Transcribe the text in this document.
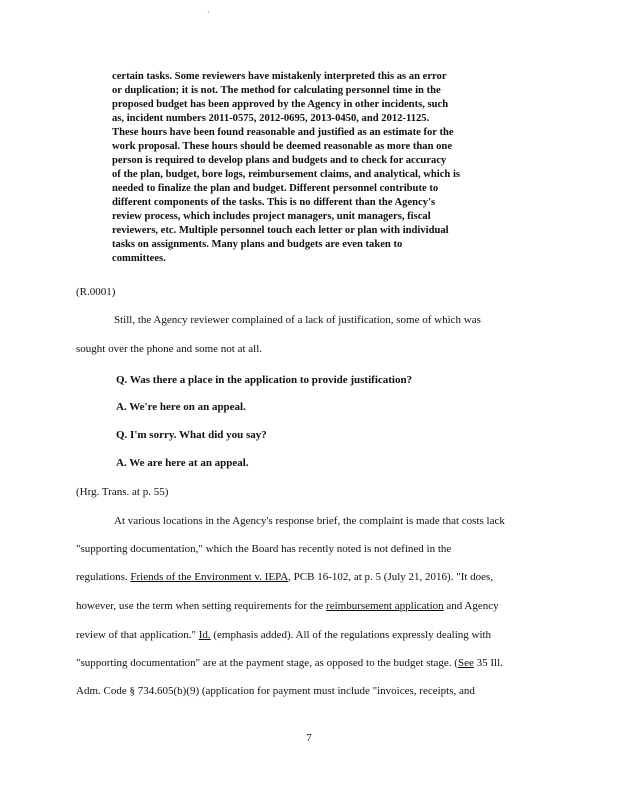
·
certain tasks. Some reviewers have mistakenly interpreted this as an error
or duplication; it is not. The method for calculating personnel time in the
proposed budget has been approved by the Agency in other incidents, such
as, incident numbers 2011-0575, 2012-0695, 2013-0450, and 2012-1125.
These hours have been found reasonable and justified as an estimate for the
work proposal. These hours should be deemed reasonable as more than one
person is required to develop plans and budgets and to check for accuracy
of the plan, budget, bore logs, reimbursement claims, and analytical, which is
needed to finalize the plan and budget. Different personnel contribute to
different components of the tasks. This is no different than the Agency's
review process, which includes project managers, unit managers, fiscal
reviewers, etc. Multiple personnel touch each letter or plan with individual
tasks on assignments. Many plans and budgets are even taken to
committees.
(R.0001)
Still, the Agency reviewer complained of a lack of justification, some of which was
sought over the phone and some not at all.
Q. Was there a place in the application to provide justification?
A. We're here on an appeal.
Q. I'm sorry. What did you say?
A. We are here at an appeal.
(Hrg. Trans. at p. 55)
At various locations in the Agency's response brief, the complaint is made that costs lack
"supporting documentation," which the Board has recently noted is not defined in the
regulations. Friends of the Environment v. IEPA, PCB 16-102, at p. 5 (July 21, 2016). "It does,
however, use the term when setting requirements for the reimbursement application and Agency
review of that application." Id. (emphasis added). All of the regulations expressly dealing with
"supporting documentation" are at the payment stage, as opposed to the budget stage. (See 35 Ill.
Adm. Code § 734.605(b)(9) (application for payment must include "invoices, receipts, and
7
